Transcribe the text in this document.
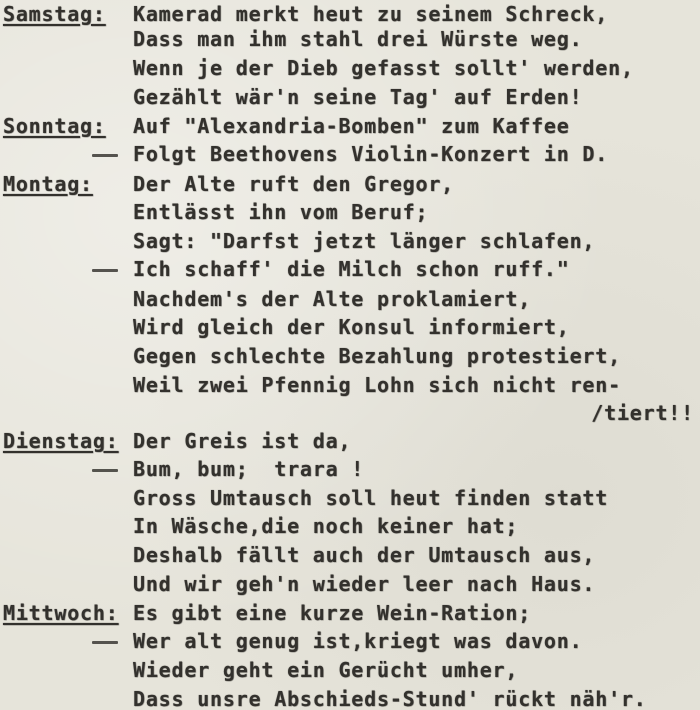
Samstag: Kamerad merkt heut zu seinem Schreck,
Dass man ihm stahl drei Würste weg.
Wenn je der Dieb gefasst sollt' werden,
Gezählt wär'n seine Tag' auf Erden!
Sonntag: Auf "Alexandria-Bomben" zum Kaffee
Folgt Beethovens Violin-Konzert in D.
Montag: Der Alte ruft den Gregor,
Entlässt ihn vom Beruf;
Sagt: "Darfst jetzt länger schlafen,
Ich schaff' die Milch schon ruff."
Nachdem's der Alte proklamiert,
Wird gleich der Konsul informiert,
Gegen schlechte Bezahlung protestiert,
Weil zwei Pfennig Lohn sich nicht ren-
/tiert!!
Dienstag: Der Greis ist da,
Bum, bum;  trara !
Gross Umtausch soll heut finden statt
In Wäsche,die noch keiner hat;
Deshalb fällt auch der Umtausch aus,
Und wir geh'n wieder leer nach Haus.
Mittwoch: Es gibt eine kurze Wein-Ration;
Wer alt genug ist,kriegt was davon.
Wieder geht ein Gerücht umher,
Dass unsre Abschieds-Stund' rückt näh'r.
